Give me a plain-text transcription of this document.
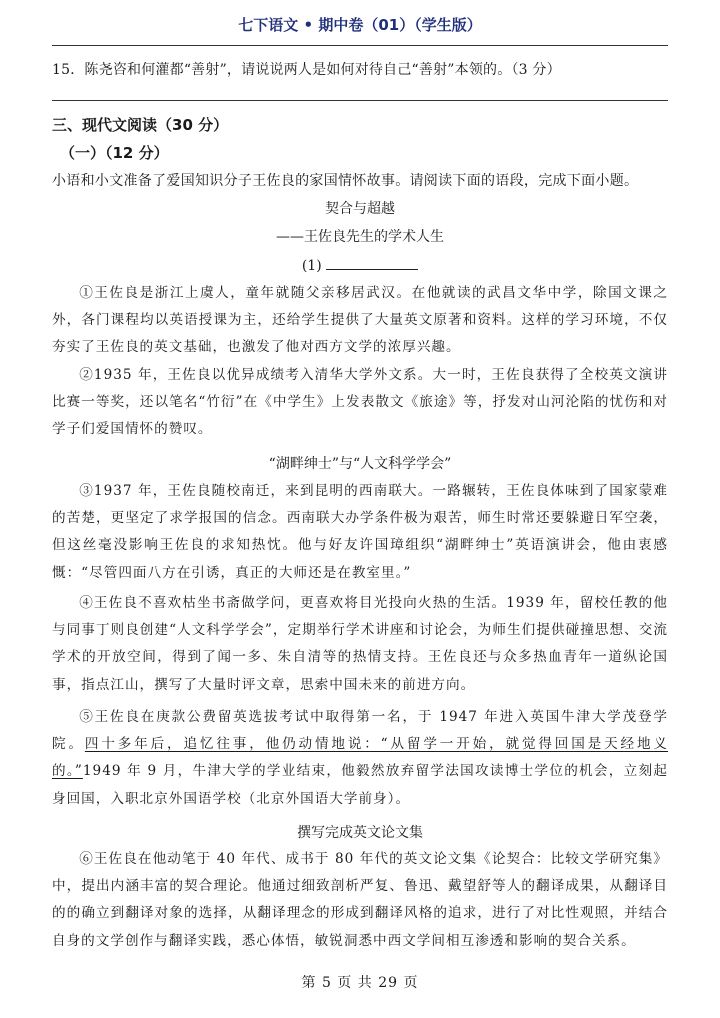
七下语文 • 期中卷（01）（学生版）
15．陈尧咨和何灌都“善射”，请说说两人是如何对待自己“善射”本领的。（3 分）
三、现代文阅读（30 分）
（一）（12 分）
小语和小文准备了爱国知识分子王佐良的家国情怀故事。请阅读下面的语段，完成下面小题。
契合与超越
——王佐良先生的学术人生
(1)

①王佐良是浙江上虞人，童年就随父亲移居武汉。在他就读的武昌文华中学，除国文课之外，各门课程均以英语授课为主，还给学生提供了大量英文原著和资料。这样的学习环境，不仅夯实了王佐良的英文基础，也激发了他对西方文学的浓厚兴趣。

②1935 年，王佐良以优异成绩考入清华大学外文系。大一时，王佐良获得了全校英文演讲比赛一等奖，还以笔名“竹衍”在《中学生》上发表散文《旅途》等，抒发对山河沦陷的忧伤和对学子们爱国情怀的赞叹。

“湖畔绅士”与“人文科学学会”

③1937 年，王佐良随校南迁，来到昆明的西南联大。一路辗转，王佐良体味到了国家蒙难的苦楚，更坚定了求学报国的信念。西南联大办学条件极为艰苦，师生时常还要躲避日军空袭，但这丝毫没影响王佐良的求知热忱。他与好友许国璋组织“湖畔绅士”英语演讲会，他由衷感慨：“尽管四面八方在引诱，真正的大师还是在教室里。”

④王佐良不喜欢枯坐书斋做学问，更喜欢将目光投向火热的生活。1939 年，留校任教的他与同事丁则良创建“人文科学学会”，定期举行学术讲座和讨论会，为师生们提供碰撞思想、交流学术的开放空间，得到了闻一多、朱自清等的热情支持。王佐良还与众多热血青年一道纵论国事，指点江山，撰写了大量时评文章，思索中国未来的前进方向。

⑤王佐良在庚款公费留英选拔考试中取得第一名，于 1947 年进入英国牛津大学茂登学院。四十多年后，追忆往事，他仍动情地说：“从留学一开始，就觉得回国是天经地义的。”1949 年 9 月，牛津大学的学业结束，他毅然放弃留学法国攻读博士学位的机会，立刻起身回国，入职北京外国语学校（北京外国语大学前身）。

撰写完成英文论文集

⑥王佐良在他动笔于 40 年代、成书于 80 年代的英文论文集《论契合：比较文学研究集》中，提出内涵丰富的契合理论。他通过细致剖析严复、鲁迅、戴望舒等人的翻译成果，从翻译目的的确立到翻译对象的选择，从翻译理念的形成到翻译风格的追求，进行了对比性观照，并结合自身的文学创作与翻译实践，悉心体悟，敏锐洞悉中西文学间相互渗透和影响的契合关系。

第 5 页 共 29 页
